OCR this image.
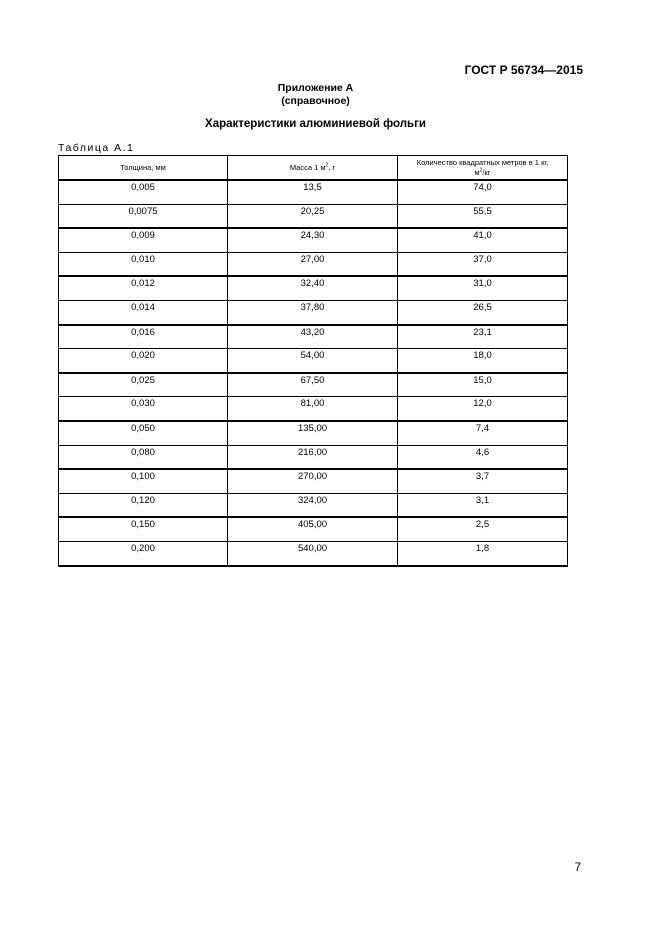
ГОСТ Р 56734—2015
Приложение А
(справочное)
Характеристики алюминиевой фольги
Таблица А.1
Толщина, мм	Масса 1 $м^2$, г	Количество квадратных метров в 1 кг,
$м^2/кг$
0,005	13,5	74,0
0,0075	20,25	55,5
0,009	24,30	41,0
0,010	27,00	37,0
0,012	32,40	31,0
0,014	37,80	26,5
0,016	43,20	23,1
0,020	54,00	18,0
0,025	67,50	15,0
0,030	81,00	12,0
0,050	135,00	7,4
0,080	216,00	4,6
0,100	270,00	3,7
0,120	324,00	3,1
0,150	405,00	2,5
0,200	540,00	1,8
7
